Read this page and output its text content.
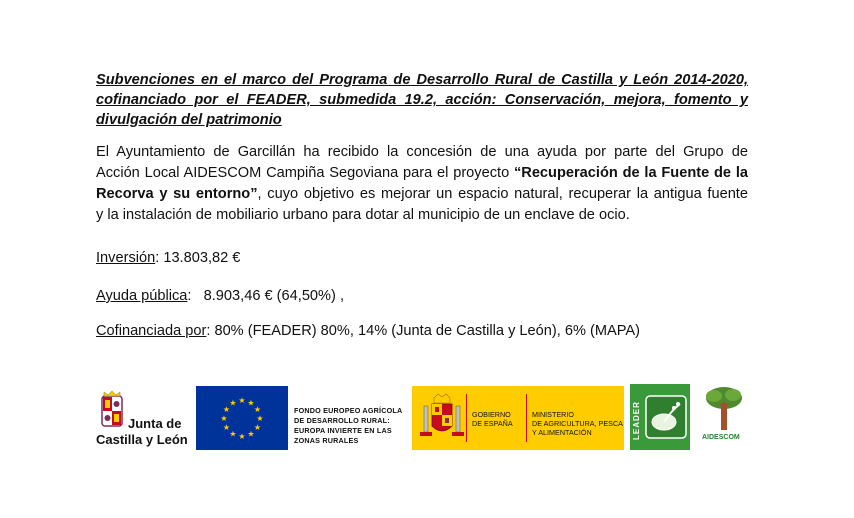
Subvenciones en el marco del Programa de Desarrollo Rural de Castilla y León 2014-2020,
cofinanciado por el FEADER, submedida 19.2, acción: Conservación, mejora, fomento y
divulgación del patrimonio

El Ayuntamiento de Garcillán ha recibido la concesión de una ayuda por parte del Grupo de
Acción Local AIDESCOM Campiña Segoviana para el proyecto “Recuperación de la Fuente de la
Recorva y su entorno”, cuyo objetivo es mejorar un espacio natural, recuperar la antigua fuente
y la instalación de mobiliario urbano para dotar al municipio de un enclave de ocio.

Inversión: 13.803,82 €
Ayuda pública:   8.903,46 € (64,50%) ,
Cofinanciada por: 80% (FEADER) 80%, 14% (Junta de Castilla y León), 6% (MAPA)
Junta de
Castilla y León
★ ★
★
★
★
★
★
★
★
★
★
★
FONDO EUROPEO AGRÍCOLA
DE DESARROLLO RURAL:
EUROPA INVIERTE EN LAS
ZONAS RURALES
GOBIERNO
DE ESPAÑA
MINISTERIO
DE AGRICULTURA, PESCA
Y ALIMENTACIÓN	LEADER	AIDESCOM
